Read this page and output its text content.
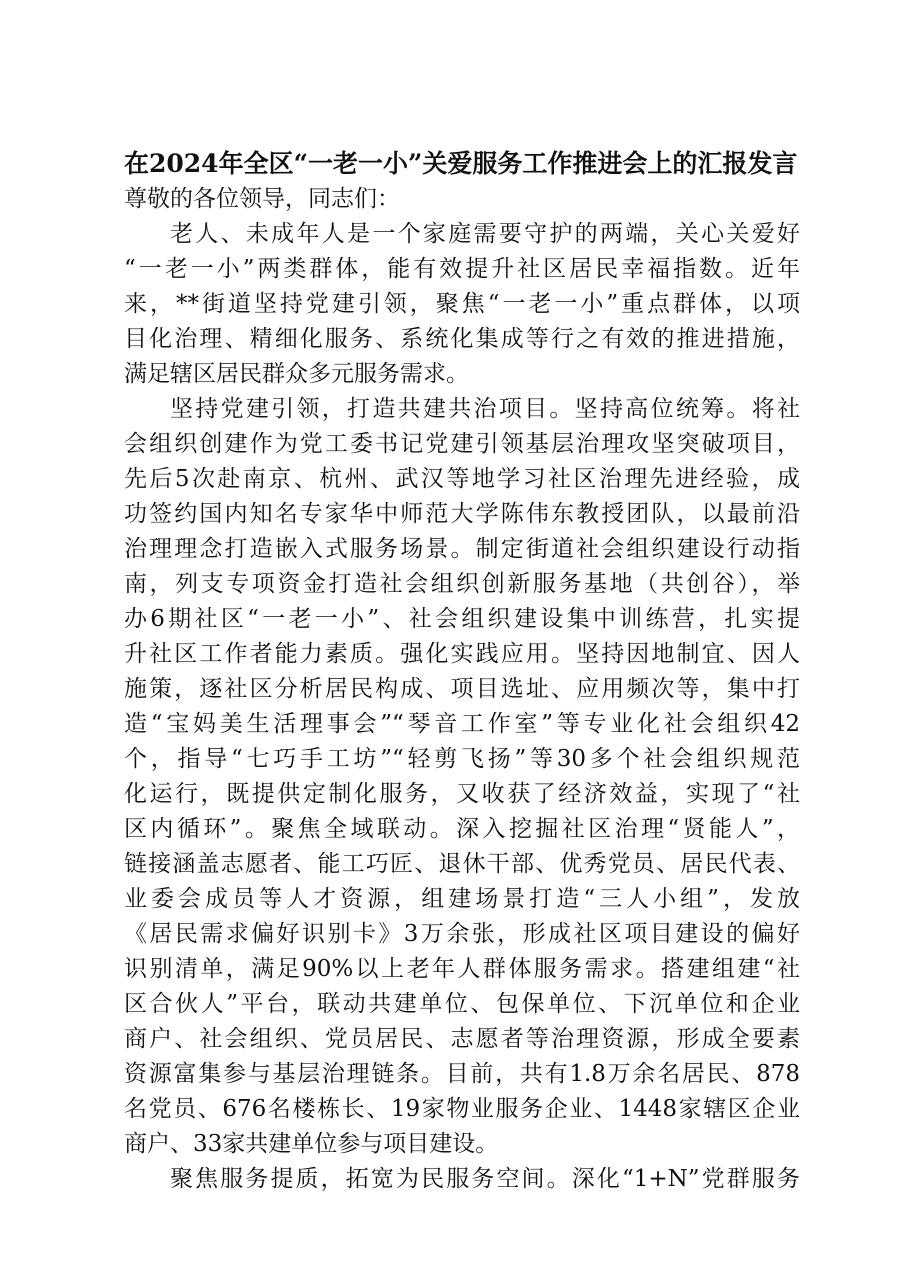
在2024年全区“一老一小”关爱服务工作推进会上的汇报发言
尊敬的各位领导，同志们：
老人、未成年人是一个家庭需要守护的两端，关心关爱好
“一老一小”两类群体，能有效提升社区居民幸福指数。近年
来，**街道坚持党建引领，聚焦“一老一小”重点群体，以项
目化治理、精细化服务、系统化集成等行之有效的推进措施，
满足辖区居民群众多元服务需求。
坚持党建引领，打造共建共治项目。坚持高位统筹。将社
会组织创建作为党工委书记党建引领基层治理攻坚突破项目，
先后5次赴南京、杭州、武汉等地学习社区治理先进经验，成
功签约国内知名专家华中师范大学陈伟东教授团队，以最前沿
治理理念打造嵌入式服务场景。制定街道社会组织建设行动指
南，列支专项资金打造社会组织创新服务基地（共创谷），举
办6期社区“一老一小”、社会组织建设集中训练营，扎实提
升社区工作者能力素质。强化实践应用。坚持因地制宜、因人
施策，逐社区分析居民构成、项目选址、应用频次等，集中打
造“宝妈美生活理事会”“琴音工作室”等专业化社会组织42
个，指导“七巧手工坊”“轻剪飞扬”等30多个社会组织规范
化运行，既提供定制化服务，又收获了经济效益，实现了“社
区内循环”。聚焦全域联动。深入挖掘社区治理“贤能人”，
链接涵盖志愿者、能工巧匠、退休干部、优秀党员、居民代表、
业委会成员等人才资源，组建场景打造“三人小组”，发放
《居民需求偏好识别卡》3万余张，形成社区项目建设的偏好
识别清单，满足90%以上老年人群体服务需求。搭建组建“社
区合伙人”平台，联动共建单位、包保单位、下沉单位和企业
商户、社会组织、党员居民、志愿者等治理资源，形成全要素
资源富集参与基层治理链条。目前，共有1.8万余名居民、878
名党员、676名楼栋长、19家物业服务企业、1448家辖区企业
商户、33家共建单位参与项目建设。
聚焦服务提质，拓宽为民服务空间。深化“1+N”党群服务
